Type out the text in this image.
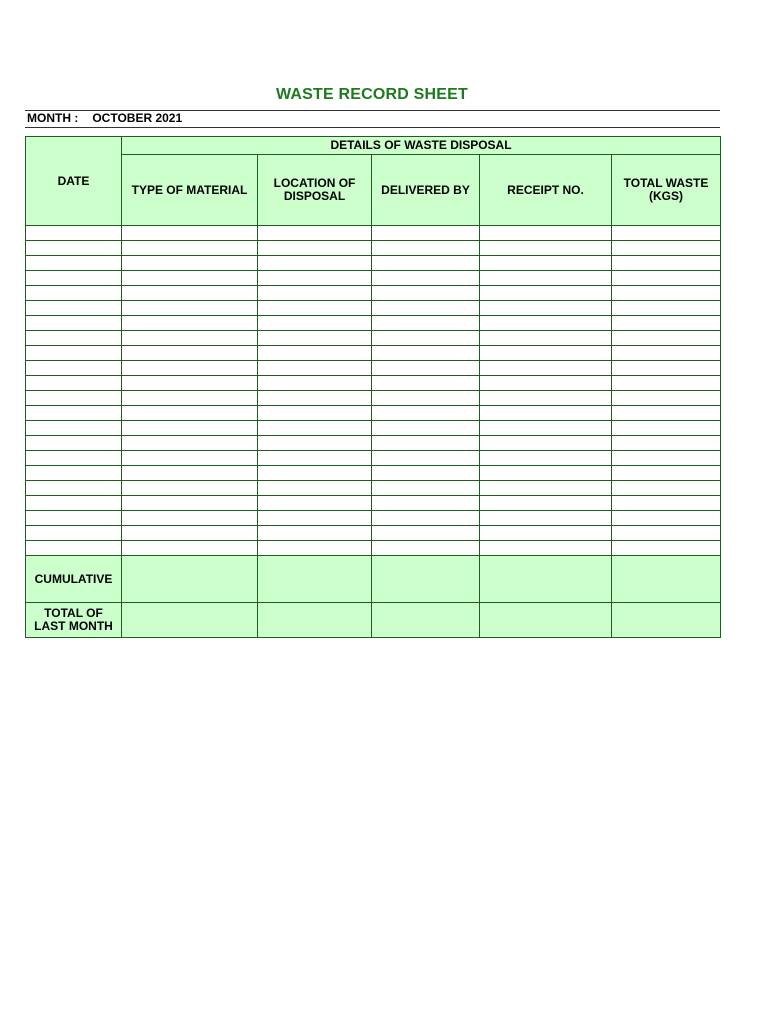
WASTE RECORD SHEET
MONTH : OCTOBER 2021
DATE	DETAILS OF WASTE DISPOSAL				
	TYPE OF MATERIAL	LOCATION OF DISPOSAL	DELIVERED BY	RECEIPT NO.	TOTAL WASTE (KGS)

CUMULATIVE					
TOTAL OF LAST MONTH					
